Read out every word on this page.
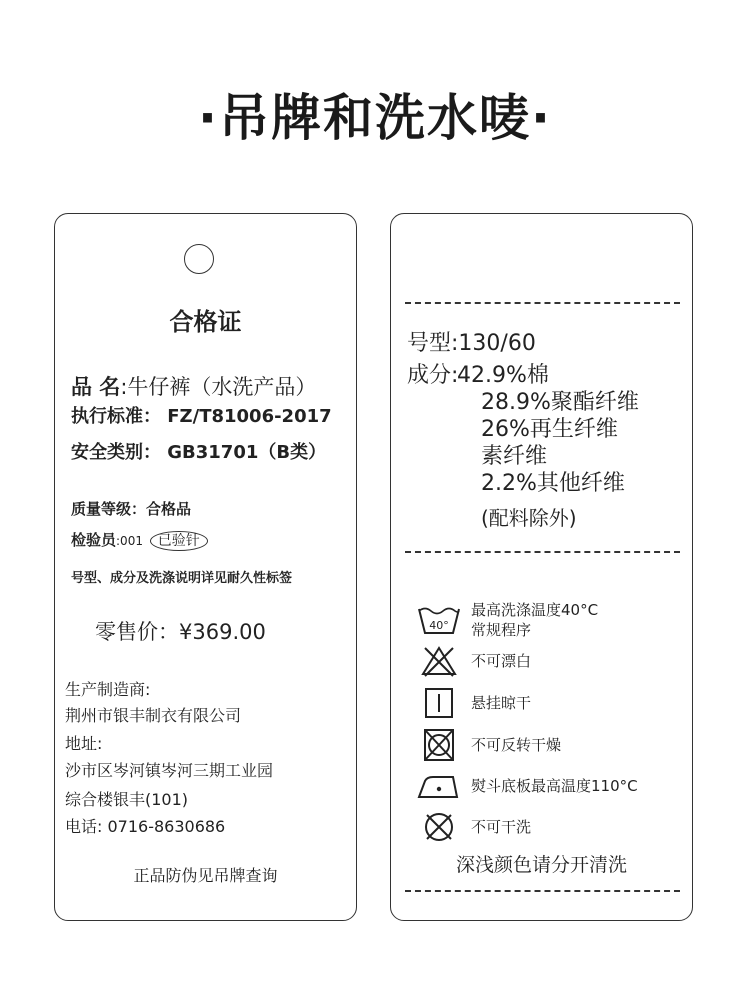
·吊牌和洗水唛·
合格证
品 名:牛仔裤（水洗产品）
执行标准： FZ/T81006-2017
安全类别： GB31701（B类）
质量等级：合格品
检验员:001 已验针
号型、成分及洗涤说明详见耐久性标签
零售价：¥369.00
生产制造商:
荆州市银丰制衣有限公司
地址:
沙市区岑河镇岑河三期工业园
综合楼银丰(101)
电话: 0716-8630686
正品防伪见吊牌查询
号型:130/60
成分:
42.9%棉
28.9%聚酯纤维
26%再生纤维
素纤维
2.2%其他纤维
(配料除外)
40°
最高洗涤温度40°C
常规程序
不可漂白
悬挂晾干
不可反转干燥
熨斗底板最高温度110°C
不可干洗
深浅颜色请分开清洗
